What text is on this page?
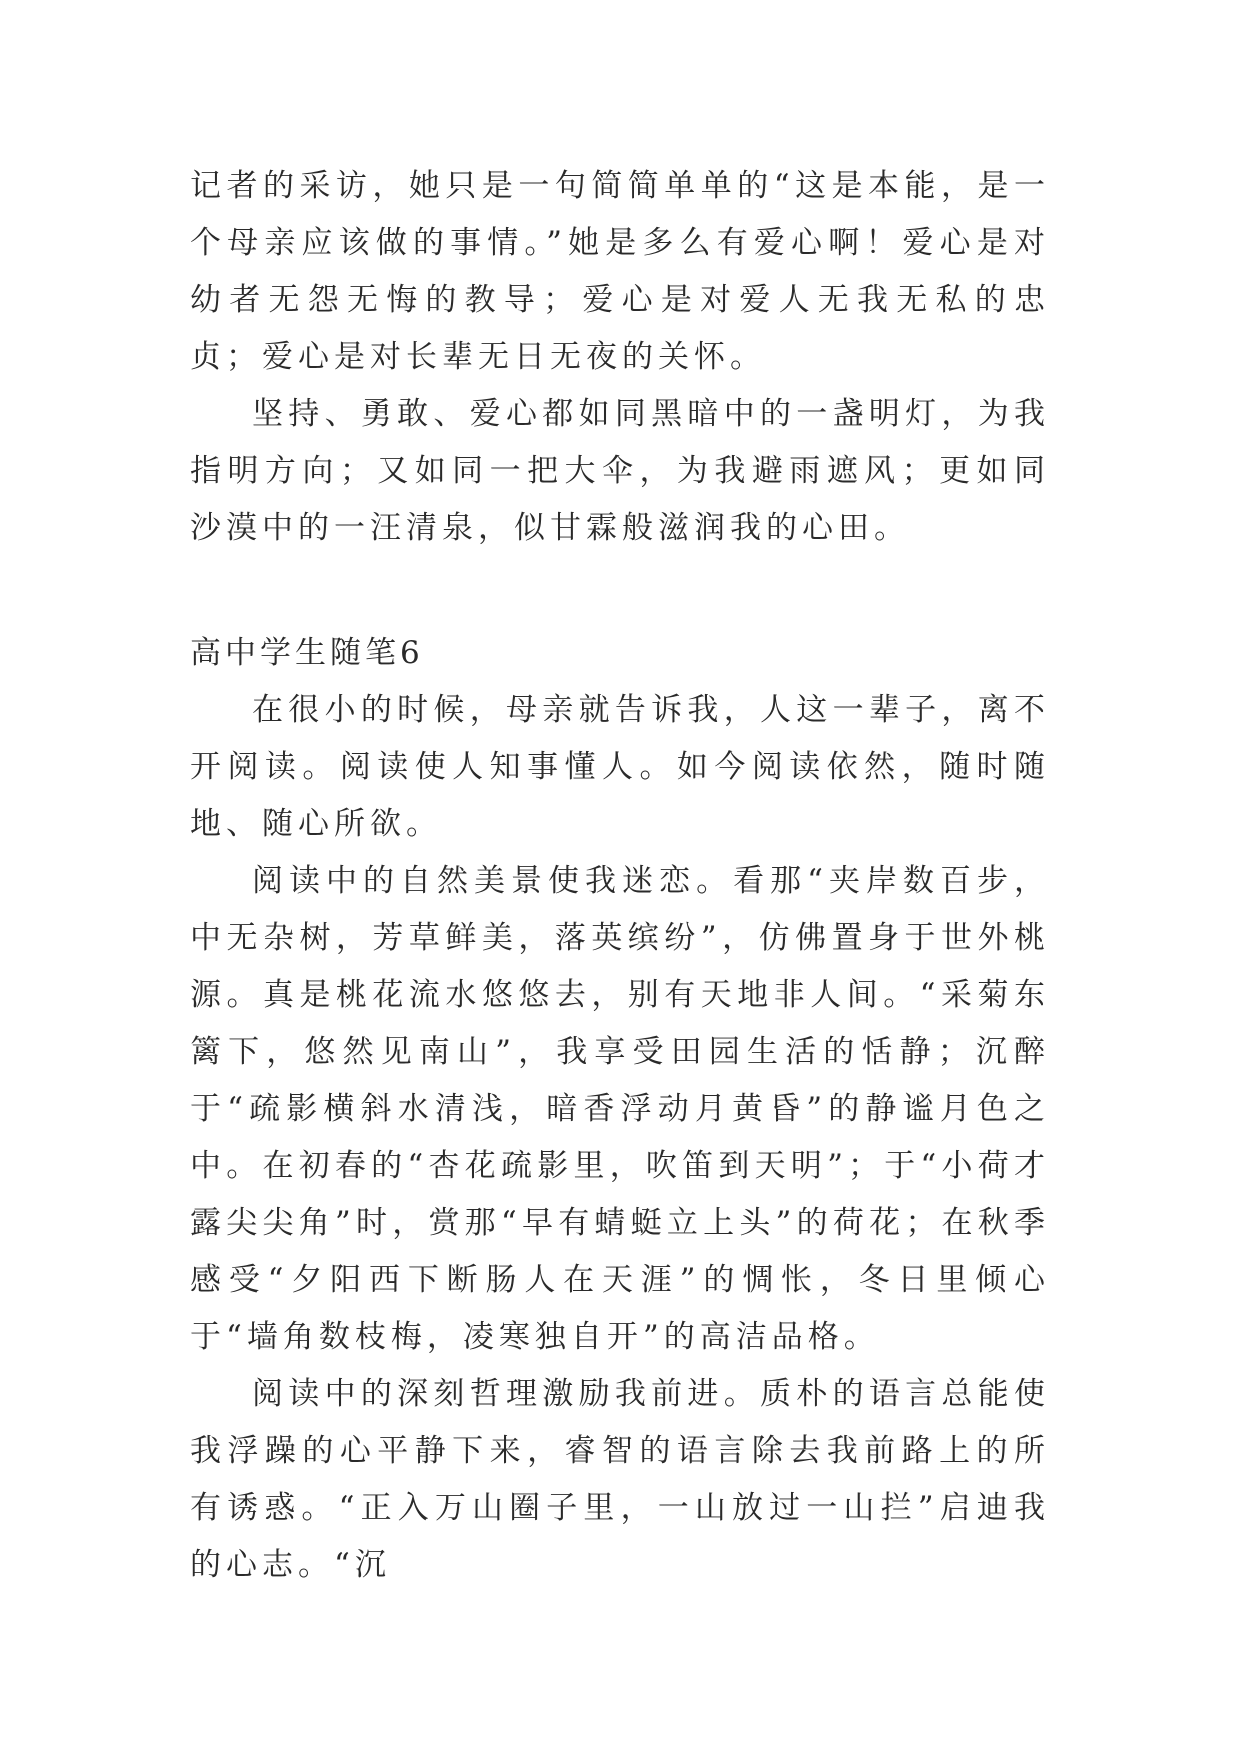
记者的采访，她只是一句简简单单的“这是本能，是一个母亲应该做的事情。”她是多么有爱心啊！爱心是对幼者无怨无悔的教导；爱心是对爱人无我无私的忠贞；爱心是对长辈无日无夜的关怀。

坚持、勇敢、爱心都如同黑暗中的一盏明灯，为我指明方向；又如同一把大伞，为我避雨遮风；更如同沙漠中的一汪清泉，似甘霖般滋润我的心田。

高中学生随笔6

在很小的时候，母亲就告诉我，人这一辈子，离不开阅读。阅读使人知事懂人。如今阅读依然，随时随地、随心所欲。

阅读中的自然美景使我迷恋。看那“夹岸数百步，中无杂树，芳草鲜美，落英缤纷”，仿佛置身于世外桃源。真是桃花流水悠悠去，别有天地非人间。“采菊东篱下，悠然见南山”，我享受田园生活的恬静；沉醉于“疏影横斜水清浅，暗香浮动月黄昏”的静谧月色之中。在初春的“杏花疏影里，吹笛到天明”；于“小荷才露尖尖角”时，赏那“早有蜻蜓立上头”的荷花；在秋季感受“夕阳西下断肠人在天涯”的惆怅，冬日里倾心于“墙角数枝梅，凌寒独自开”的高洁品格。

阅读中的深刻哲理激励我前进。质朴的语言总能使我浮躁的心平静下来，睿智的语言除去我前路上的所有诱惑。“正入万山圈子里，一山放过一山拦”启迪我的心志。“沉
